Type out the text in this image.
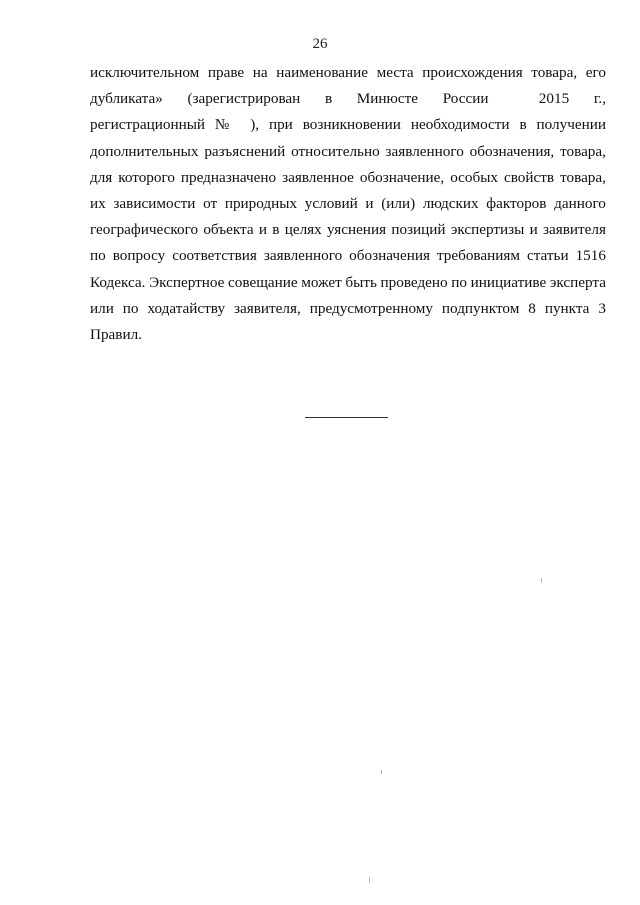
26
исключительном праве на наименование места происхождения товара, его
дубликата» (зарегистрирован в Минюсте России	2015 г.,
регистрационный № ), при возникновении необходимости в получении
дополнительных разъяснений относительно заявленного обозначения, товара,
для которого предназначено заявленное обозначение, особых свойств товара,
их зависимости от природных условий и (или) людских факторов данного
географического объекта и в целях уяснения позиций экспертизы и заявителя
по вопросу соответствия заявленного обозначения требованиям статьи 1516
Кодекса. Экспертное совещание может быть проведено по инициативе эксперта
или по ходатайству заявителя, предусмотренному подпунктом 8 пункта 3
Правил.
